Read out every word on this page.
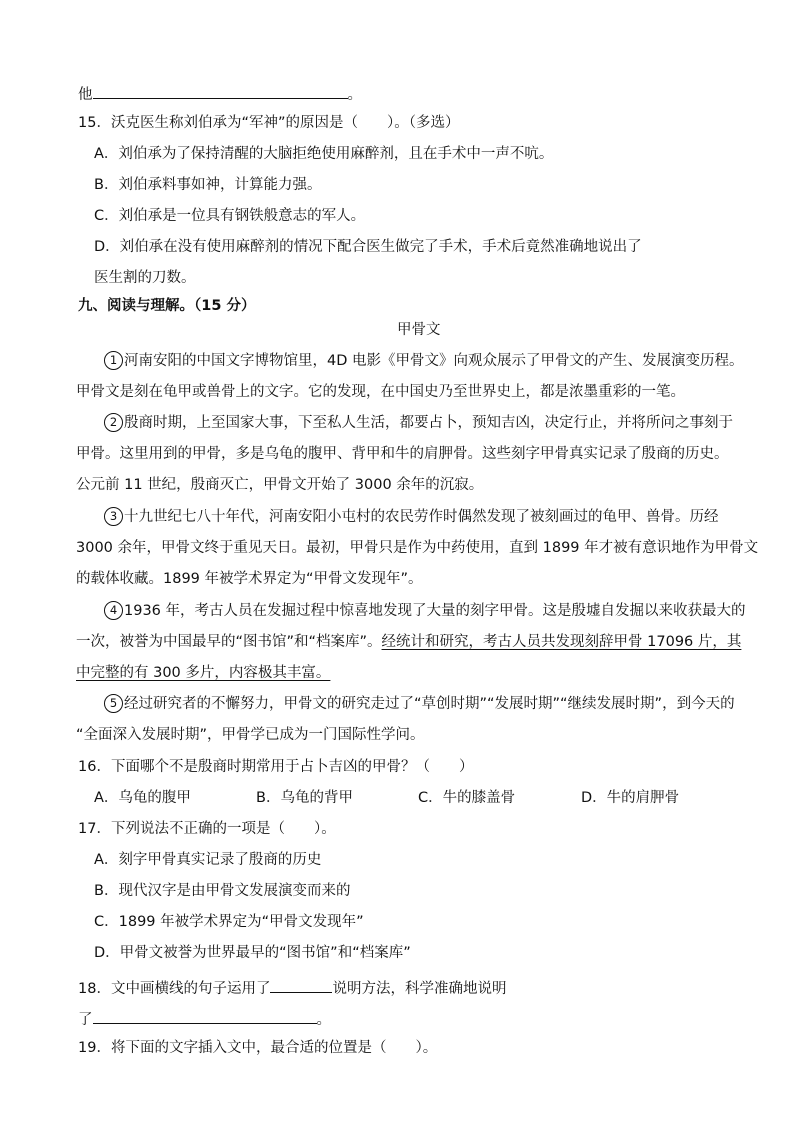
他	。
15．沃克医生称刘伯承为“军神”的原因是（　　）。（多选）
A．刘伯承为了保持清醒的大脑拒绝使用麻醉剂，且在手术中一声不吭。
B．刘伯承料事如神，计算能力强。
C．刘伯承是一位具有钢铁般意志的军人。
D．刘伯承在没有使用麻醉剂的情况下配合医生做完了手术，手术后竟然准确地说出了
医生割的刀数。
九、阅读与理解。（15 分）
甲骨文
1 河南安阳的中国文字博物馆里，4D 电影《甲骨文》向观众展示了甲骨文的产生、发展演变历程。
甲骨文是刻在龟甲或兽骨上的文字。它的发现，在中国史乃至世界史上，都是浓墨重彩的一笔。
2 殷商时期，上至国家大事，下至私人生活，都要占卜，预知吉凶，决定行止，并将所问之事刻于
甲骨。这里用到的甲骨，多是乌龟的腹甲、背甲和牛的肩胛骨。这些刻字甲骨真实记录了殷商的历史。
公元前 11 世纪，殷商灭亡，甲骨文开始了 3000 余年的沉寂。
3 十九世纪七八十年代，河南安阳小屯村的农民劳作时偶然发现了被刻画过的龟甲、兽骨。历经
3000 余年，甲骨文终于重见天日。最初，甲骨只是作为中药使用，直到 1899 年才被有意识地作为甲骨文
的载体收藏。1899 年被学术界定为“甲骨文发现年”。
4 1936 年，考古人员在发掘过程中惊喜地发现了大量的刻字甲骨。这是殷墟自发掘以来收获最大的
一次，被誉为中国最早的“图书馆”和“档案库”。经统计和研究，考古人员共发现刻辞甲骨 17096 片，其
中完整的有 300 多片，内容极其丰富。
5 经过研究者的不懈努力，甲骨文的研究走过了“草创时期”“发展时期”“继续发展时期”，到今天的
“全面深入发展时期”，甲骨学已成为一门国际性学问。
16．下面哪个不是殷商时期常用于占卜吉凶的甲骨？（　　）
A．乌龟的腹甲	B．乌龟的背甲	C．牛的膝盖骨	D．牛的肩胛骨
17．下列说法不正确的一项是（　　）。
A．刻字甲骨真实记录了殷商的历史
B．现代汉字是由甲骨文发展演变而来的
C．1899 年被学术界定为“甲骨文发现年”
D．甲骨文被誉为世界最早的“图书馆”和“档案库”
18．文中画横线的句子运用了	说明方法，科学准确地说明
了	。
19．将下面的文字插入文中，最合适的位置是（　　）。
